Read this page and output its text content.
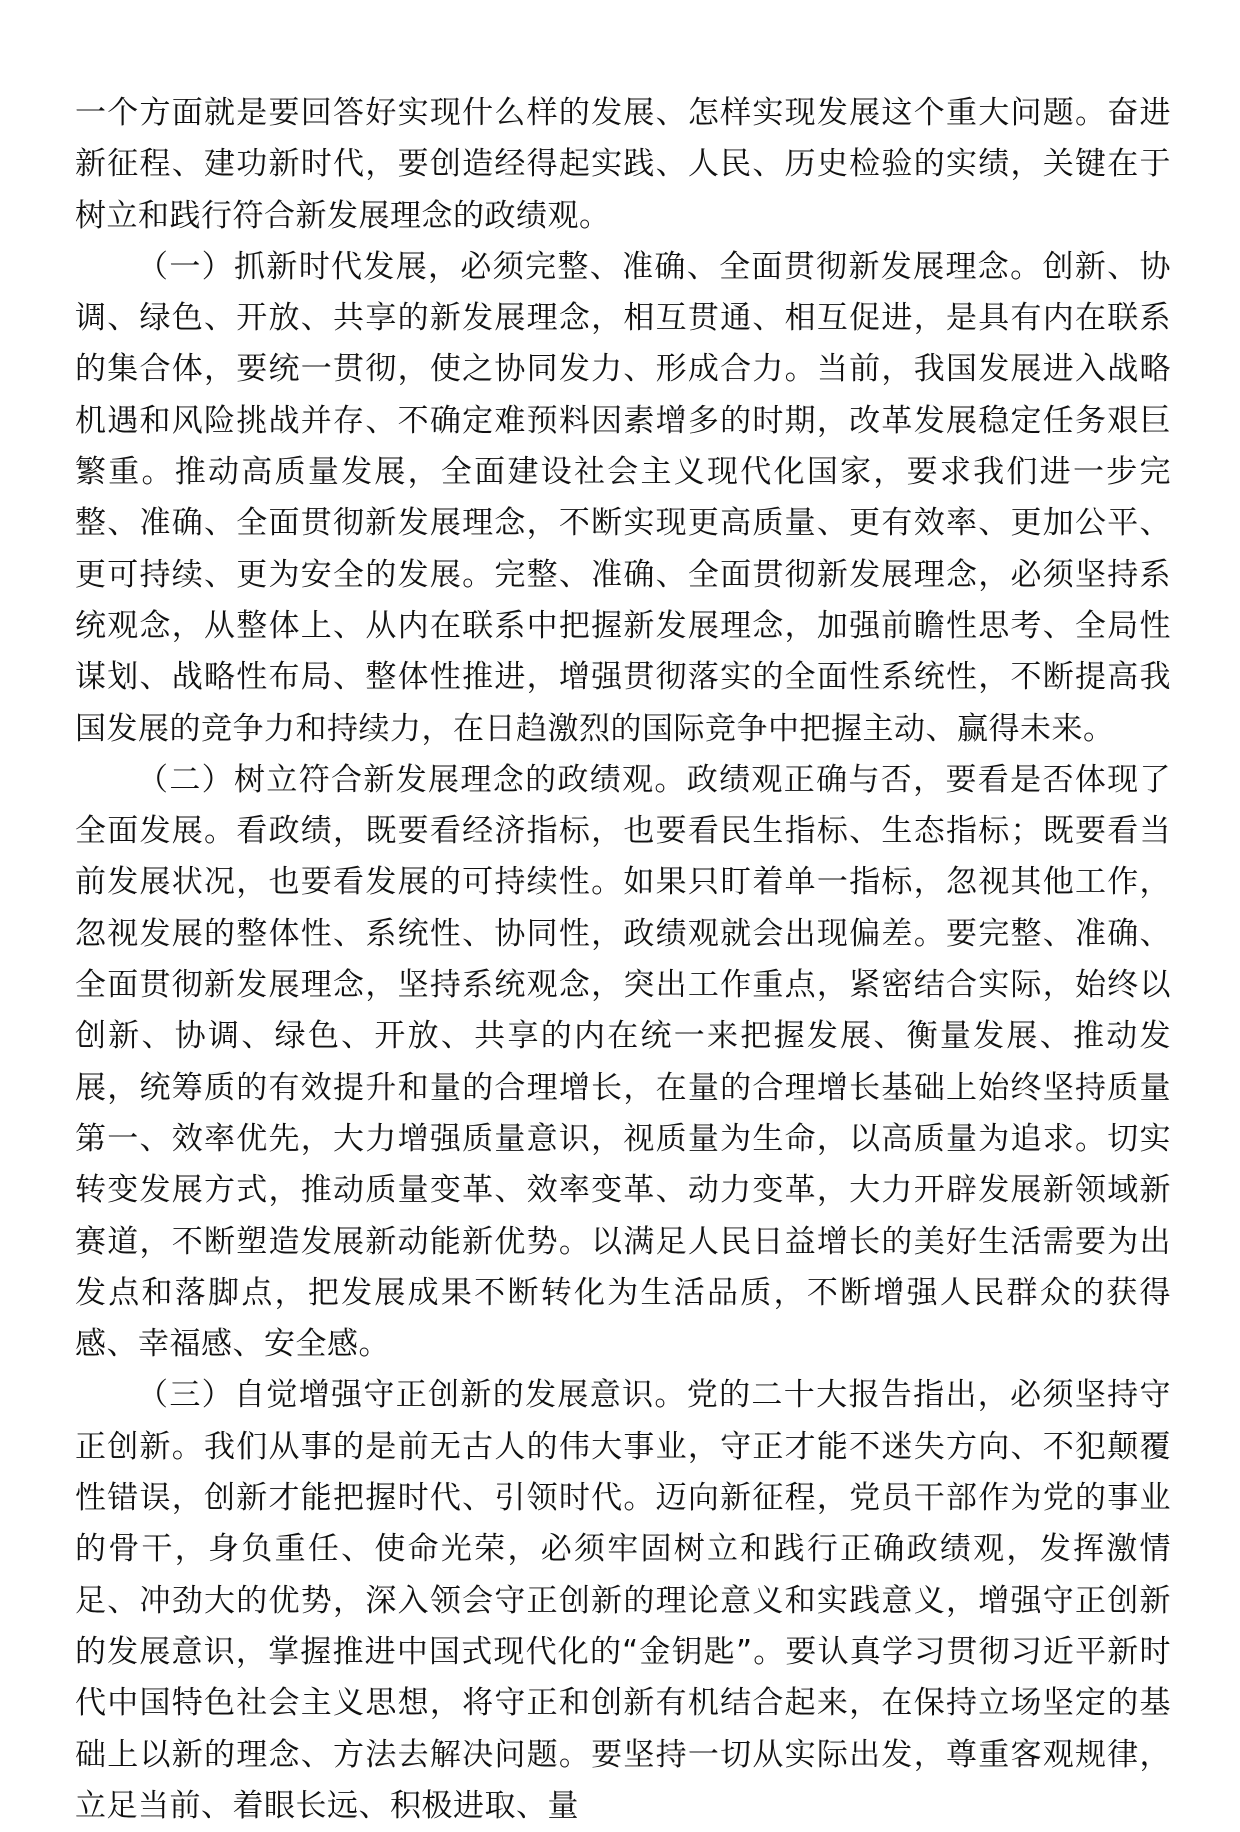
一个方面就是要回答好实现什么样的发展、怎样实现发展这个重大问题。奋进新征程、建功新时代，要创造经得起实践、人民、历史检验的实绩，关键在于树立和践行符合新发展理念的政绩观。

（一）抓新时代发展，必须完整、准确、全面贯彻新发展理念。创新、协调、绿色、开放、共享的新发展理念，相互贯通、相互促进，是具有内在联系的集合体，要统一贯彻，使之协同发力、形成合力。当前，我国发展进入战略机遇和风险挑战并存、不确定难预料因素增多的时期，改革发展稳定任务艰巨繁重。推动高质量发展，全面建设社会主义现代化国家，要求我们进一步完整、准确、全面贯彻新发展理念，不断实现更高质量、更有效率、更加公平、更可持续、更为安全的发展。完整、准确、全面贯彻新发展理念，必须坚持系统观念，从整体上、从内在联系中把握新发展理念，加强前瞻性思考、全局性谋划、战略性布局、整体性推进，增强贯彻落实的全面性系统性，不断提高我国发展的竞争力和持续力，在日趋激烈的国际竞争中把握主动、赢得未来。

（二）树立符合新发展理念的政绩观。政绩观正确与否，要看是否体现了全面发展。看政绩，既要看经济指标，也要看民生指标、生态指标；既要看当前发展状况，也要看发展的可持续性。如果只盯着单一指标，忽视其他工作，忽视发展的整体性、系统性、协同性，政绩观就会出现偏差。要完整、准确、全面贯彻新发展理念，坚持系统观念，突出工作重点，紧密结合实际，始终以创新、协调、绿色、开放、共享的内在统一来把握发展、衡量发展、推动发展，统筹质的有效提升和量的合理增长，在量的合理增长基础上始终坚持质量第一、效率优先，大力增强质量意识，视质量为生命，以高质量为追求。切实转变发展方式，推动质量变革、效率变革、动力变革，大力开辟发展新领域新赛道，不断塑造发展新动能新优势。以满足人民日益增长的美好生活需要为出发点和落脚点，把发展成果不断转化为生活品质，不断增强人民群众的获得感、幸福感、安全感。

（三）自觉增强守正创新的发展意识。党的二十大报告指出，必须坚持守正创新。我们从事的是前无古人的伟大事业，守正才能不迷失方向、不犯颠覆性错误，创新才能把握时代、引领时代。迈向新征程，党员干部作为党的事业的骨干，身负重任、使命光荣，必须牢固树立和践行正确政绩观，发挥激情足、冲劲大的优势，深入领会守正创新的理论意义和实践意义，增强守正创新的发展意识，掌握推进中国式现代化的“金钥匙”。要认真学习贯彻习近平新时代中国特色社会主义思想，将守正和创新有机结合起来，在保持立场坚定的基础上以新的理念、方法去解决问题。要坚持一切从实际出发，尊重客观规律，立足当前、着眼长远、积极进取、量
